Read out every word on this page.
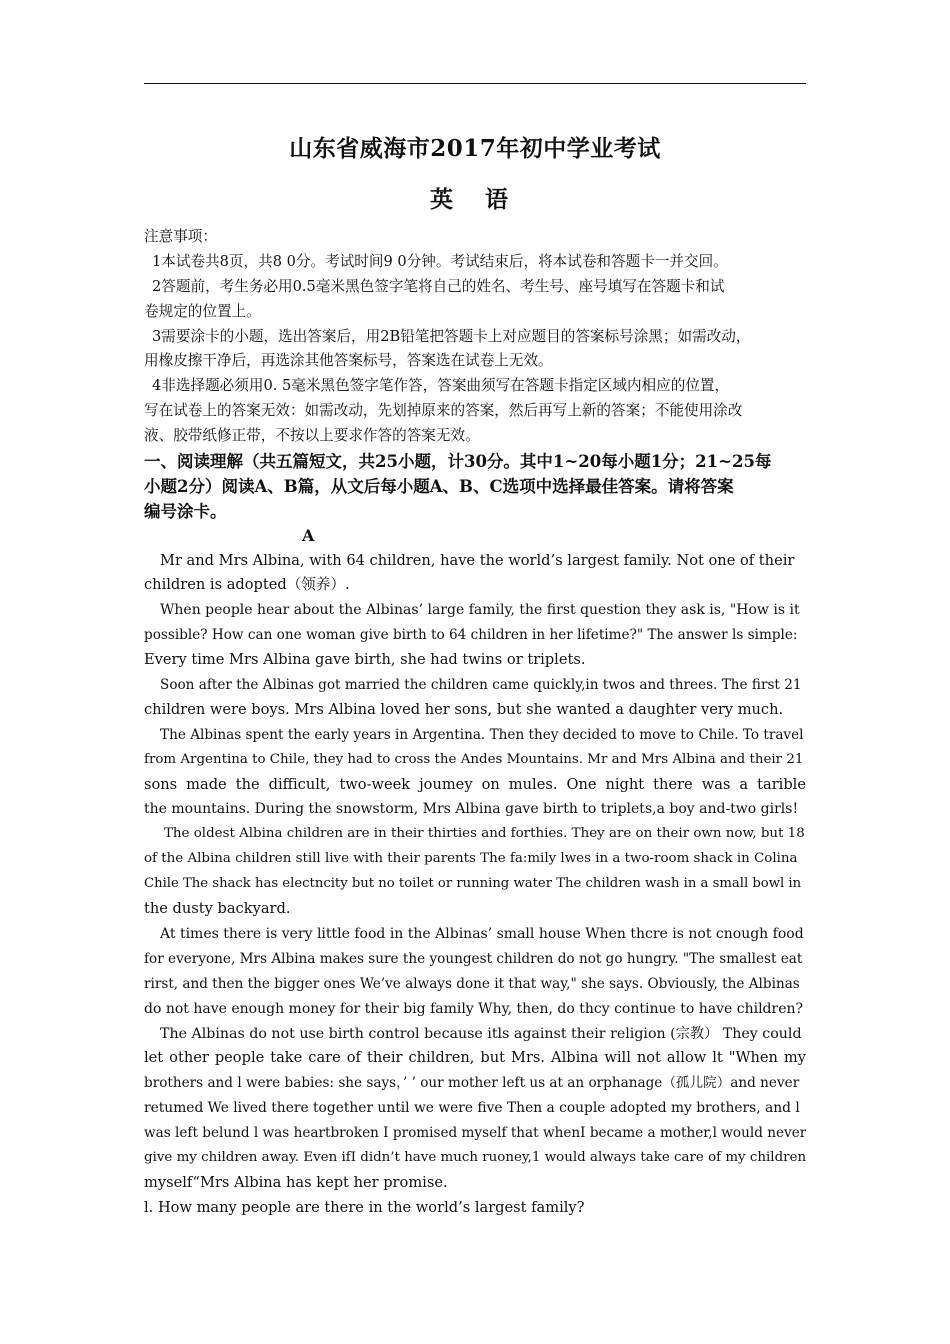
山东省威海市2017年初中学业考试
英 语
注意事项：
1本试卷共8页，共8 0分。考试时间9 0分钟。考试结束后，将本试卷和答题卡一并交回。
2答题前，考生务必用0.5毫米黑色签字笔将自己的姓名、考生号、座号填写在答题卡和试
卷规定的位置上。
3需要涂卡的小题，选出答案后，用2B铅笔把答题卡上对应题目的答案标号涂黑；如需改动，
用橡皮擦干净后，再选涂其他答案标号，答案选在试卷上无效。
4非选择题必须用0. 5毫米黑色签字笔作答，答案曲须写在答题卡指定区域内相应的位置，
写在试卷上的答案无效：如需改动，先划掉原来的答案，然后再写上新的答案；不能使用涂改
液、胶带纸修正带，不按以上要求作答的答案无效。
一、阅读理解（共五篇短文，共25小题，计30分。其中1~20每小题1分；21~25每
小题2分）阅读A、B篇，从文后每小题A、B、C选项中选择最佳答案。请将答案
编号涂卡。
A
Mr and Mrs Albina, with 64 children, have the world’s largest family. Not one of their
children is adopted（领养）.
When people hear about the Albinas’ large family, the first question they ask is, "How is it
possible? How can one woman give birth to 64 children in her lifetime?" The answer ls simple:
Every time Mrs Albina gave birth, she had twins or triplets.
Soon after the Albinas got married the children came quickly,in twos and threes. The first 21
children were boys. Mrs Albina loved her sons, but she wanted a daughter very much.
The Albinas spent the early years in Argentina. Then they decided to move to Chile. To travel
from Argentina to Chile, they had to cross the Andes Mountains. Mr and Mrs Albina and their 21
sons made the difficult, two-week joumey on mules. One night there was a tarible
the mountains. During the snowstorm, Mrs Albina gave birth to triplets,a boy and-two girls!
The oldest Albina children are in their thirties and forthies. They are on their own now, but 18
of the Albina children still live with their parents The fa:mily lwes in a two-room shack in Colina
Chile The shack has electncity but no toilet or running water The children wash in a small bowl in
the dusty backyard.
At times there is very little food in the Albinas’ small house When thcre is not cnough food
for everyone, Mrs Albina makes sure the youngest children do not go hungry. "The smallest eat
rirst, and then the bigger ones We’ve always done it that way," she says. Obviously, the Albinas
do not have enough money for their big family Why, then, do thcy continue to have children?
The Albinas do not use birth control because itls against their religion (宗教） They could
let other people take care of their children, but Mrs. Albina will not allow lt "When my
brothers and l were babies: she says，’ ’ our mother left us at an orphanage（孤儿院）and never
retumed We lived there together until we were five Then a couple adopted my brothers, and l
was left belund l was heartbroken I promised myself that whenI became a mother,l would never
give my children away. Even ifI didn’t have much ruoney,1 would always take care of my children
myself“Mrs Albina has kept her promise.
l. How many people are there in the world’s largest family?
